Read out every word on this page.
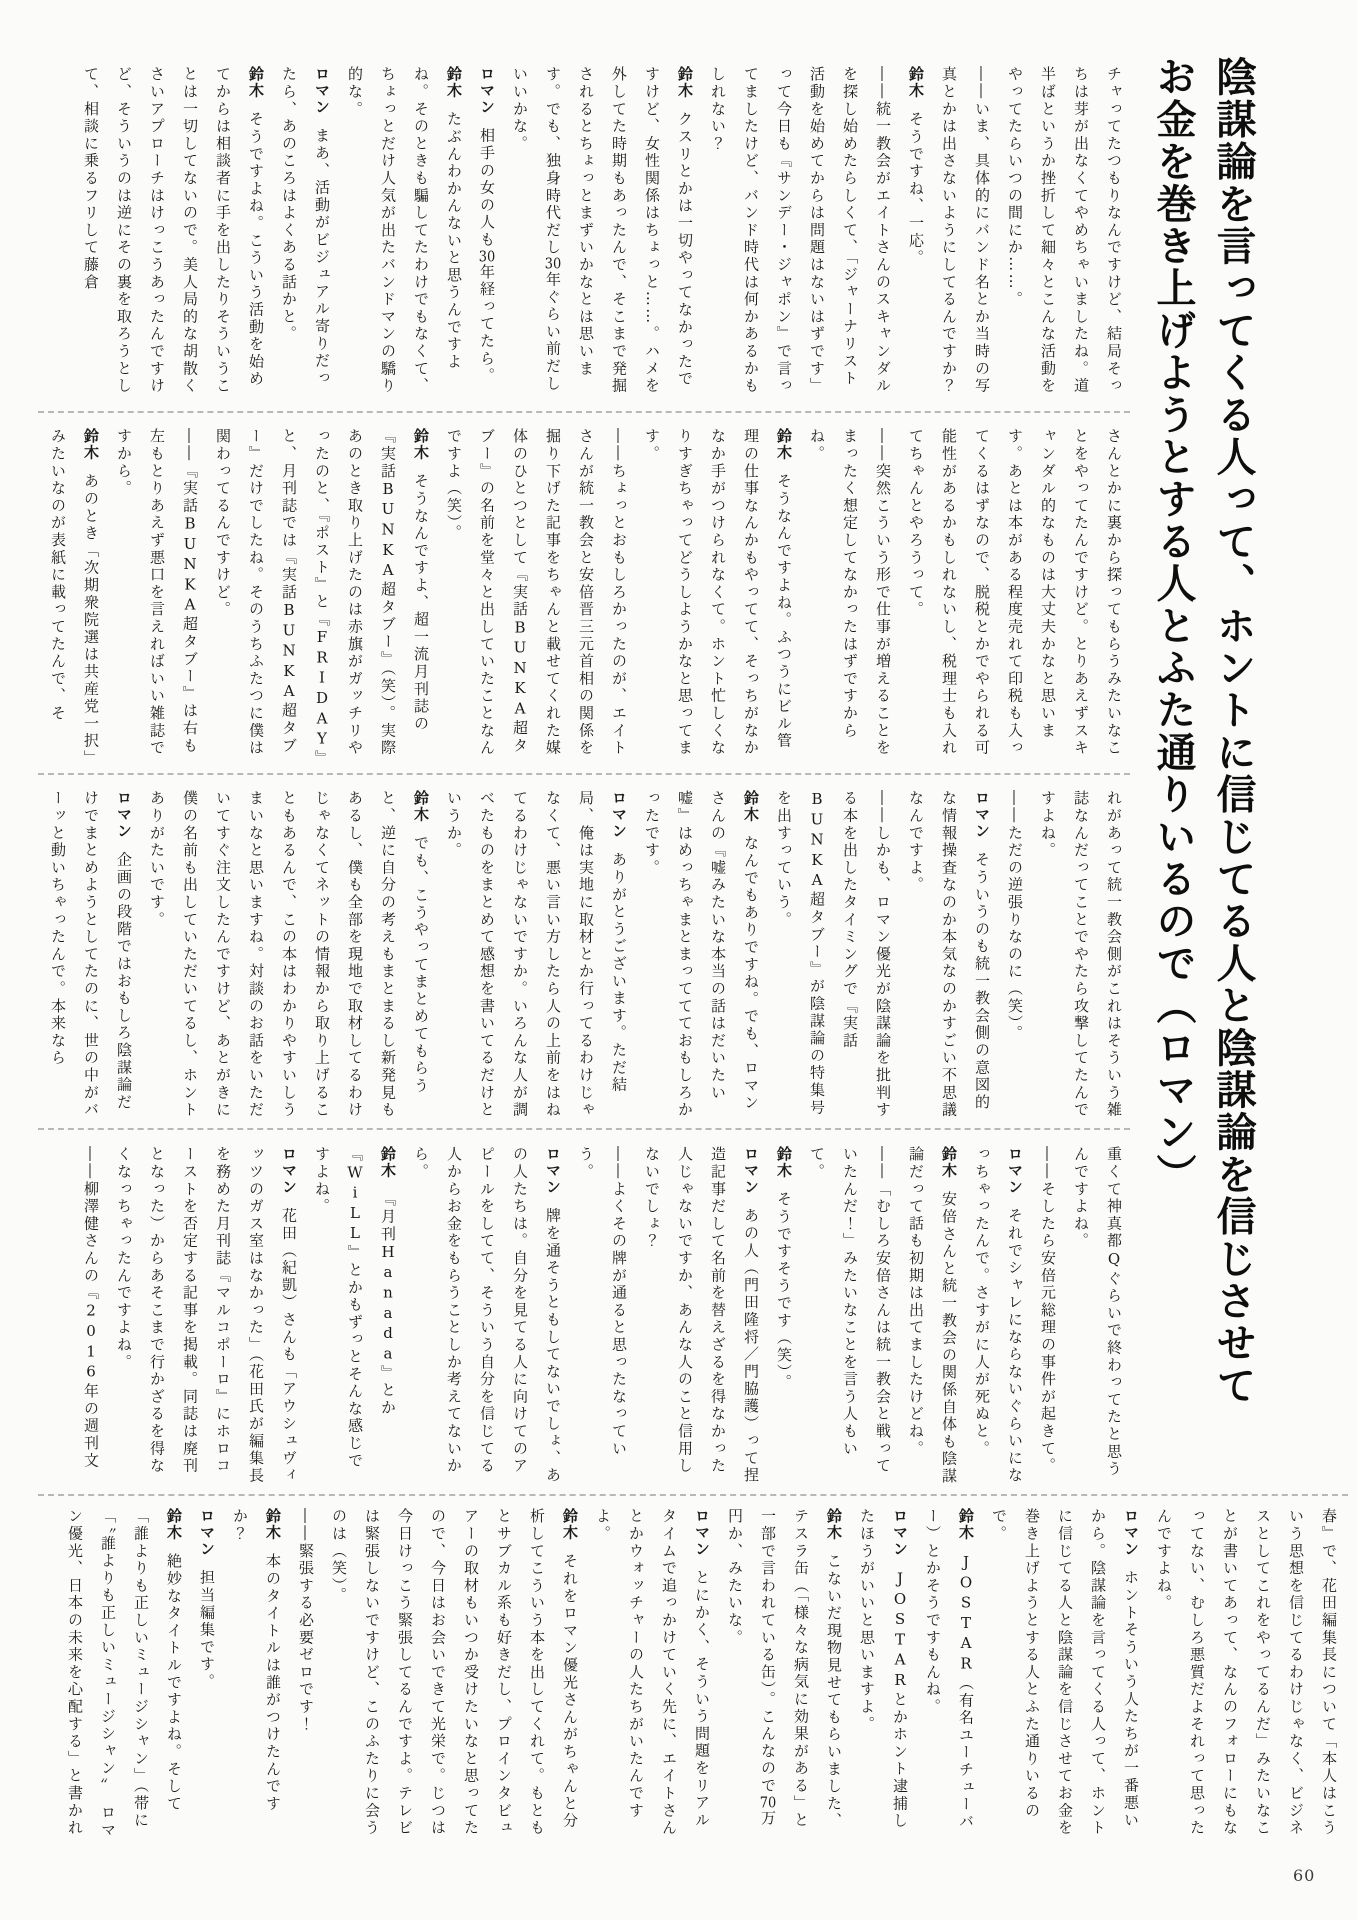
陰謀論を言ってくる人って、ホントに信じてる人と陰謀論を信じさせて
お金を巻き上げようとする人とふた通りいるので（ロマン）

チャってたつもりなんですけど、結局そっちは芽が出なくてやめちゃいましたね。道半ばというか挫折して細々とこんな活動をやってたらいつの間にか……。

――いま、具体的にバンド名とか当時の写真とかは出さないようにしてるんですか？

鈴木そうですね、一応。

――統一教会がエイトさんのスキャンダルを探し始めたらしくて、「ジャーナリスト活動を始めてからは問題はないはずです」って今日も『サンデー・ジャポン』で言ってましたけど、バンド時代は何かあるかもしれない？

鈴木クスリとかは一切やってなかったですけど、女性関係はちょっと……。ハメを外してた時期もあったんで、そこまで発掘されるとちょっとまずいかなとは思います。でも、独身時代だし30年ぐらい前だしいいかな。

ロマン相手の女の人も30年経ってたら。

鈴木たぶんわかんないと思うんですよね。そのときも騙してたわけでもなくて、ちょっとだけ人気が出たバンドマンの驕り的な。

ロマンまあ、活動がビジュアル寄りだったら、あのころはよくある話かと。

鈴木そうですよね。こういう活動を始めてからは相談者に手を出したりそういうことは一切してないので。美人局的な胡散くさいアプローチはけっこうあったんですけど、そういうのは逆にその裏を取ろうとして、相談に乗るフリして藤倉

さんとかに裏から探ってもらうみたいなことをやってたんですけど。とりあえずスキャンダル的なものは大丈夫かなと思います。あとは本がある程度売れて印税も入ってくるはずなので、脱税とかでやられる可能性があるかもしれないし、税理士も入れてちゃんとやろうって。

――突然こういう形で仕事が増えることをまったく想定してなかったはずですからね。

鈴木そうなんですよね。ふつうにビル管理の仕事なんかもやってて、そっちがなかなか手がつけられなくて。ホント忙しくなりすぎちゃってどうしようかなと思ってます。

――ちょっとおもしろかったのが、エイトさんが統一教会と安倍晋三元首相の関係を掘り下げた記事をちゃんと載せてくれた媒体のひとつとして『実話BUNKA超タブー』の名前を堂々と出していたことなんですよ（笑）。

鈴木そうなんですよ、超一流月刊誌の『実話BUNKA超タブー』（笑）。実際あのとき取り上げたのは赤旗がガッチリやったのと、『ポスト』と『FRIDAY』と、月刊誌では『実話BUNKA超タブー』だけでしたね。そのうちふたつに僕は関わってるんですけど。

――『実話BUNKA超タブー』は右も左もとりあえず悪口を言えればいい雑誌ですから。

鈴木あのとき「次期衆院選は共産党一択」みたいなのが表紙に載ってたんで、そ

れがあって統一教会側がこれはそういう雑誌なんだってことでやたら攻撃してたんですよね。

――ただの逆張りなのに（笑）。

ロマンそういうのも統一教会側の意図的な情報操査なのか本気なのかすごい不思議なんですよ。

――しかも、ロマン優光が陰謀論を批判する本を出したタイミングで『実話BUNKA超タブー』が陰謀論の特集号を出すっていう。

鈴木なんでもありですね。でも、ロマンさんの『嘘みたいな本当の話はだいたい嘘』はめっちゃまとまっててておもしろかったです。

ロマンありがとうございます。ただ結局、俺は実地に取材とか行ってるわけじゃなくて、悪い言い方したら人の上前をはねてるわけじゃないですか。いろんな人が調べたものをまとめて感想を書いてるだけというか。

鈴木でも、こうやってまとめてもらうと、逆に自分の考えもまとまるし新発見もあるし、僕も全部を現地で取材してるわけじゃなくてネットの情報から取り上げることもあるんで、この本はわかりやすいしうまいなと思いますね。対談のお話をいただいてすぐ注文したんですけど、あとがきに僕の名前も出していただいてるし、ホントありがたいです。

ロマン企画の段階ではおもしろ陰謀論だけでまとめようとしてたのに、世の中がバーッと動いちゃったんで。本来なら

重くて神真都Qぐらいで終わってたと思うんですよね。

――そしたら安倍元総理の事件が起きて。

ロマンそれでシャレにならないぐらいになっちゃったんで。さすがに人が死ぬと。

鈴木安倍さんと統一教会の関係自体も陰謀論だって話も初期は出てましたけどね。

――「むしろ安倍さんは統一教会と戦っていたんだ！」みたいなことを言う人もいて。

鈴木そうですそうです（笑）。

ロマンあの人（門田隆将／門脇護）って捏造記事だして名前を替えざるを得なかった人じゃないですか、あんな人のこと信用しないでしょ？

――よくその牌が通ると思ったなっていう。

ロマン牌を通そうともしてないでしょ、あの人たちは。自分を見てる人に向けてのアピールをしてて、そういう自分を信じてる人からお金をもらうことしか考えてないから。

鈴木『月刊Hanada』とか『WiLL』とかもずっとそんな感じですよね。

ロマン花田（紀凱）さんも「アウシュヴィッツのガス室はなかった」（花田氏が編集長を務めた月刊誌『マルコポーロ』にホロコーストを否定する記事を掲載。同誌は廃刊となった）からあそこまで行かざるを得なくなっちゃったんですよね。

――柳澤健さんの『2016年の週刊文

春』で、花田編集長について「本人はこういう思想を信じてるわけじゃなく、ビジネスとしてこれをやってるんだ」みたいなことが書いてあって、なんのフォローにもなってない、むしろ悪質だよそれって思ったんですよね。

ロマンホントそういう人たちが一番悪いから。陰謀論を言ってくる人って、ホントに信じてる人と陰謀論を信じさせてお金を巻き上げようとする人とふた通りいるので。

鈴木JOSTAR（有名ユーチューバー）とかそうですもんね。

ロマンJOSTARとかホント逮捕したほうがいいと思いますよ。

鈴木こないだ現物見せてもらいました、テスラ缶（「様々な病気に効果がある」と一部で言われている缶）。こんなので70万円か、みたいな。

ロマンとにかく、そういう問題をリアルタイムで追っかけていく先に、エイトさんとかウォッチャーの人たちがいたんですよ。

鈴木それをロマン優光さんがちゃんと分析してこういう本を出してくれて。もともとサブカル系も好きだし、プロインタビュアーの取材もいつか受けたいなと思ってたので、今日はお会いできて光栄で。じつは今日けっこう緊張してるんですよ。テレビは緊張しないですけど、このふたりに会うのは（笑）。

――緊張する必要ゼロです！

鈴木本のタイトルは誰がつけたんですか？

ロマン担当編集です。

鈴木絶妙なタイトルですよね。そして「誰よりも正しいミュージシャン」（帯に「〝誰よりも正しいミュージシャン〟　ロマン優光、日本の未来を心配する」と書かれ

60
